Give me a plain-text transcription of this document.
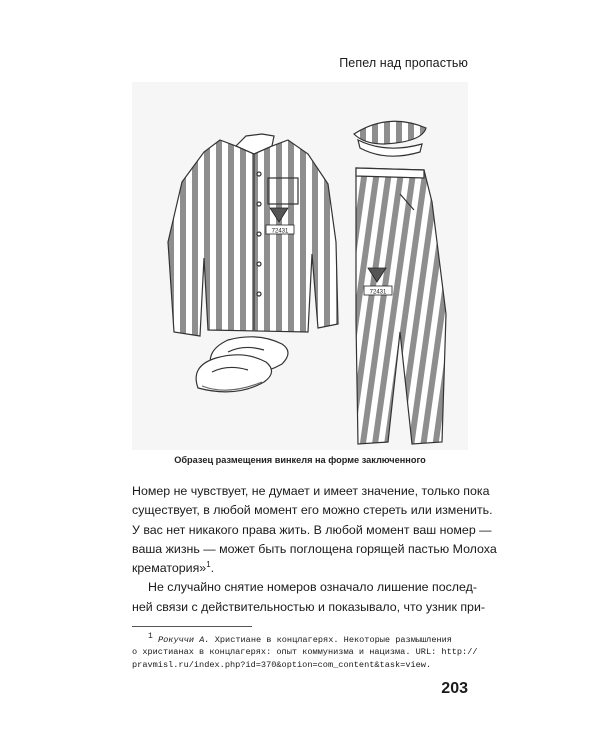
Пепел над пропастью
72431
72431
Образец размещения винкеля на форме заключенного
Номер не чувствует, не думает и имеет значение, только пока
существует, в любой момент его можно стереть или изменить.
У вас нет никакого права жить. В любой момент ваш номер —
ваша жизнь — может быть поглощена горящей пастью Молоха
крематория»$^1$.
Не случайно снятие номеров означало лишение послед-
ней связи с действительностью и показывало, что узник при-
$^1$ Рокуччи А. Христиане в концлагерях. Некоторые размышления
о христианах в концлагерях: опыт коммунизма и нацизма. URL: http://
pravmisl.ru/index.php?id=370&option=com_content&task=view.
203
